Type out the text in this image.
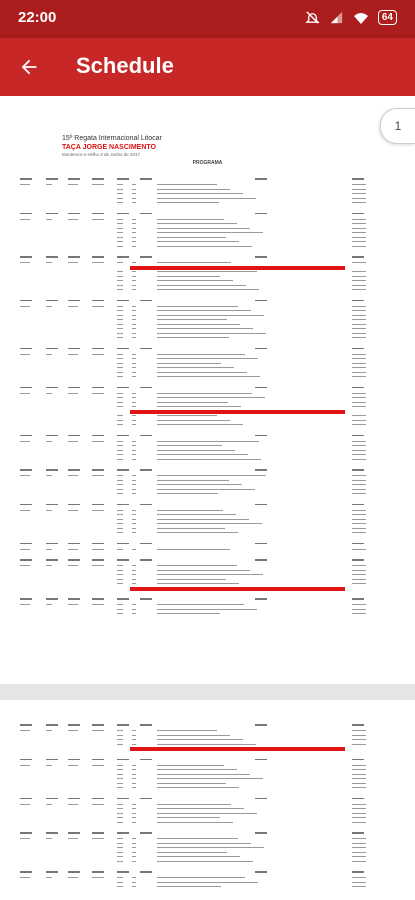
22:00	64
Schedule
15º Regata Internacional Litocar
TAÇA JORGE NASCIMENTO
Montemor-o-Velho 3 de Junho de 2017
PROGRAMA
1
